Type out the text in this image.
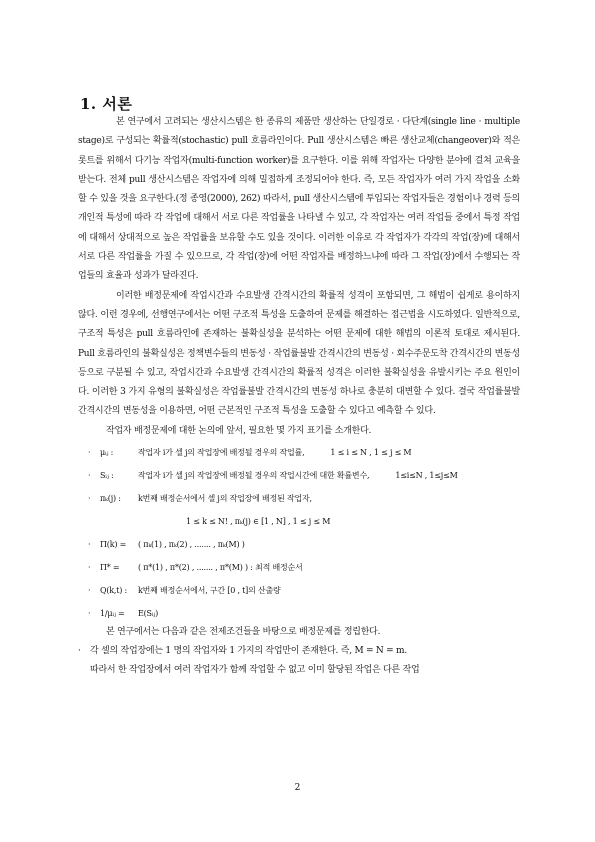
1. 서론

본 연구에서 고려되는 생산시스템은 한 종류의 제품만 생산하는 단일경로 · 다단계(single line · multiple stage)로 구성되는 확률적(stochastic) pull 흐름라인이다. Pull 생산시스템은 빠른 생산교체(changeover)와 적은 롯트를 위해서 다기능 작업자(multi-function worker)를 요구한다. 이를 위해 작업자는 다양한 분야에 걸쳐 교육을 받는다. 전체 pull 생산시스템은 작업자에 의해 밀접하게 조정되어야 한다. 즉, 모든 작업자가 여러 가지 작업을 소화할 수 있을 것을 요구한다.(정 종영(2000), 262) 따라서, pull 생산시스템에 투입되는 작업자들은 경험이나 경력 등의 개인적 특성에 따라 각 작업에 대해서 서로 다른 작업률을 나타낼 수 있고, 각 작업자는 여러 작업들 중에서 특정 작업에 대해서 상대적으로 높은 작업률을 보유할 수도 있을 것이다. 이러한 이유로 각 작업자가 각각의 작업(장)에 대해서 서로 다른 작업률을 가질 수 있으므로, 각 작업(장)에 어떤 작업자를 배정하느냐에 따라 그 작업(장)에서 수행되는 작업들의 효율과 성과가 달라진다.

이러한 배정문제에 작업시간과 수요발생 간격시간의 확률적 성격이 포함되면, 그 해법이 쉽게로 용이하지 않다. 이런 경우에, 선행연구에서는 어떤 구조적 특성을 도출하여 문제를 해결하는 접근법을 시도하였다. 일반적으로, 구조적 특성은 pull 흐름라인에 존재하는 불확실성을 분석하는 어떤 문제에 대한 해법의 이론적 토대로 제시된다. Pull 흐름라인의 불확실성은 정책변수들의 변동성 · 작업률불발 간격시간의 변동성 · 회수주문도착 간격시간의 변동성 등으로 구분될 수 있고, 작업시간과 수요발생 간격시간의 확률적 성격은 이러한 불확실성을 유발시키는 주요 원인이다. 이러한 3 가지 유형의 불확실성은 작업률불발 간격시간의 변동성 하나로 충분히 대변할 수 있다. 결국 작업률불발 간격시간의 변동성을 이용하면, 어떤 근본적인 구조적 특성을 도출할 수 있다고 예측할 수 있다.

작업자 배정문제에 대한 논의에 앞서, 필요한 몇 가지 표기를 소개한다.

· μᵢⱼ :	작업자 i가 셀 j의 작업장에 배정될 경우의 작업률,	1 ≤ i ≤ N , 1 ≤ j ≤ M
· Sᵢⱼ :	작업자 i가 셀 j의 작업장에 배정될 경우의 작업시간에 대한 확률변수,	1≤i≤N , 1≤j≤M
· πₖ(j) : k번째 배정순서에서 셀 j의 작업장에 배정된 작업자,
1 ≤ k ≤ N! , πₖ(j) ∈ [1 , N] , 1 ≤ j ≤ M
· Π(k) = ( πₖ(1) , πₖ(2) , ....... , πₖ(M) )
· Π* = ( π*(1) , π*(2) , ....... , π*(M) ) : 최적 배정순서
· Q(k,t) : k번째 배정순서에서, 구간 [0 , t]의 산출량
· 1/μᵢⱼ = E(Sᵢⱼ)

본 연구에서는 다음과 같은 전제조건들을 바탕으로 배정문제를 정립한다.

· 각 셀의 작업장에는 1 명의 작업자와 1 가지의 작업만이 존재한다. 즉, M = N = m.

따라서 한 작업장에서 여러 작업자가 함께 작업할 수 없고 이미 할당된 작업은 다른 작업

2
